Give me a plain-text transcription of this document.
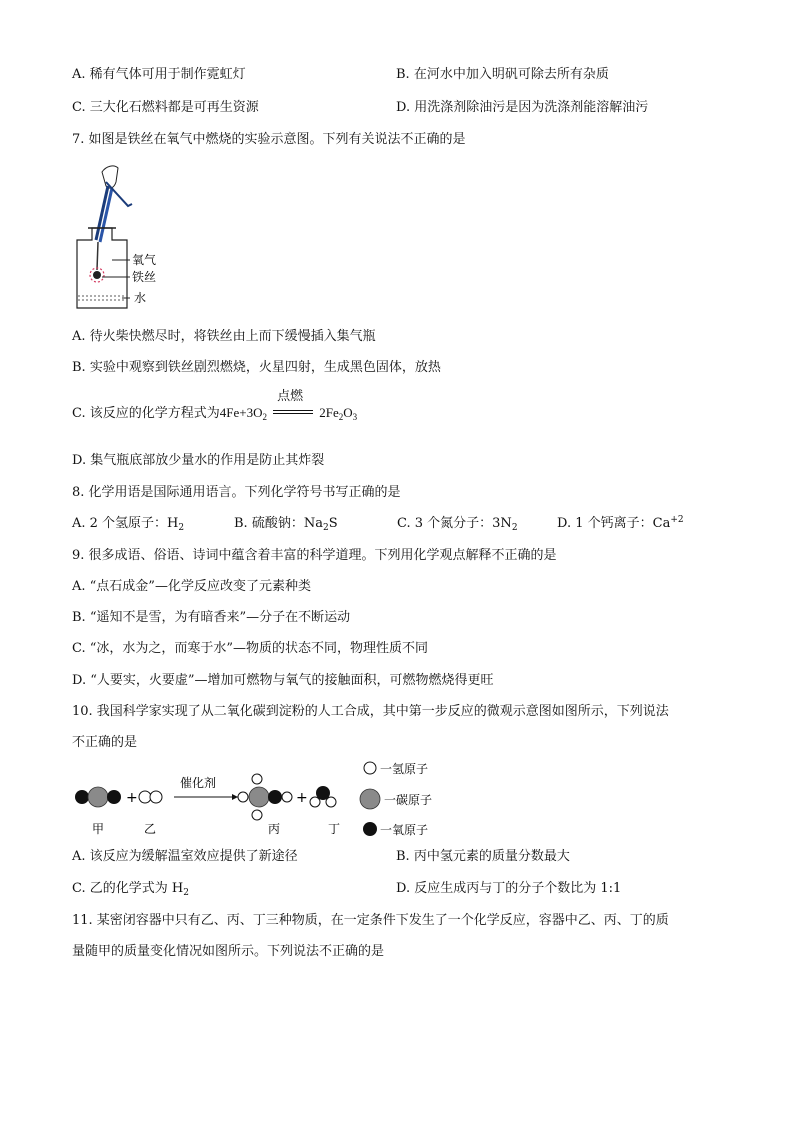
A. 稀有气体可用于制作霓虹灯	B. 在河水中加入明矾可除去所有杂质
C. 三大化石燃料都是可再生资源	D. 用洗涤剂除油污是因为洗涤剂能溶解油污
7. 如图是铁丝在氧气中燃烧的实验示意图。下列有关说法不正确的是
氧气
铁丝
水
A. 待火柴快燃尽时，将铁丝由上而下缓慢插入集气瓶
B. 实验中观察到铁丝剧烈燃烧，火星四射，生成黑色固体，放热
C. 该反应的化学方程式为$4Fe+3O_2$
点燃
$2Fe_2O_3$
D. 集气瓶底部放少量水的作用是防止其炸裂
8. 化学用语是国际通用语言。下列化学符号书写正确的是
A. 2 个氢原子：$H_2$	B. 硫酸钠：$Na_2S$	C. 3 个氮分子：$3N_2$	D. 1 个钙离子：$Ca^{+2}$
9. 很多成语、俗语、诗词中蕴含着丰富的科学道理。下列用化学观点解释不正确的是
A. “点石成金”—化学反应改变了元素种类
B. “遥知不是雪，为有暗香来”—分子在不断运动
C. “冰，水为之，而寒于水”—物质的状态不同，物理性质不同
D. “人要实，火要虚”—增加可燃物与氧气的接触面积，可燃物燃烧得更旺
10. 我国科学家实现了从二氧化碳到淀粉的人工合成，其中第一步反应的微观示意图如图所示，下列说法
不正确的是
+
催化剂
+
甲	乙	丙	丁
一氢原子
一碳原子
一氧原子
A. 该反应为缓解温室效应提供了新途径	B. 丙中氢元素的质量分数最大
C. 乙的化学式为 $H_2$	D. 反应生成丙与丁的分子个数比为 1:1
11. 某密闭容器中只有乙、丙、丁三种物质，在一定条件下发生了一个化学反应，容器中乙、丙、丁的质
量随甲的质量变化情况如图所示。下列说法不正确的是
